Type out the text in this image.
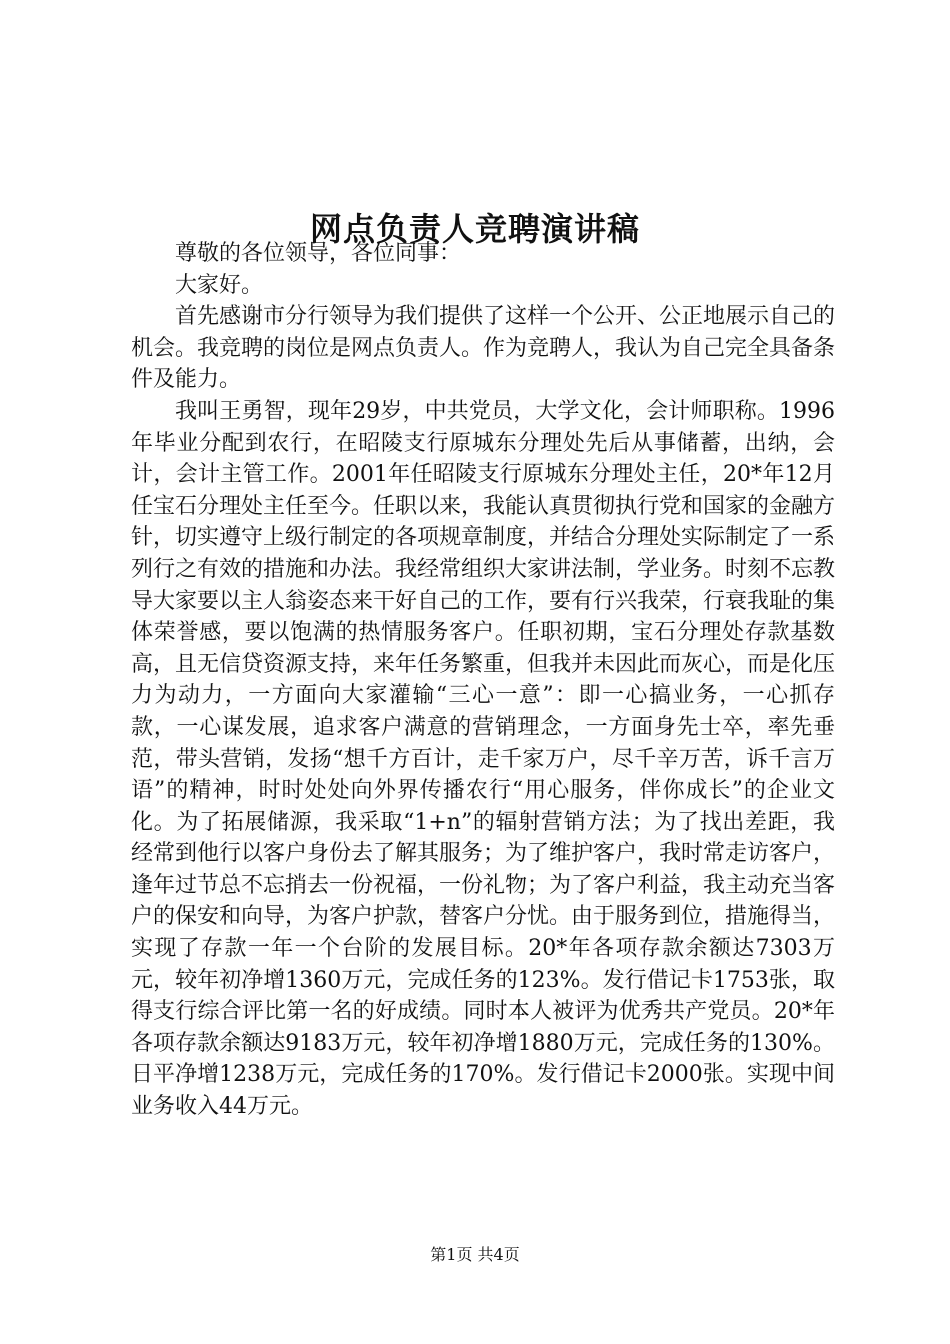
网点负责人竞聘演讲稿

尊敬的各位领导，各位同事：

大家好。

首先感谢市分行领导为我们提供了这样一个公开、公正地展示自己的机会。我竞聘的岗位是网点负责人。作为竞聘人，我认为自己完全具备条件及能力。

我叫王勇智，现年29岁，中共党员，大学文化，会计师职称。1996年毕业分配到农行，在昭陵支行原城东分理处先后从事储蓄，出纳，会计，会计主管工作。2001年任昭陵支行原城东分理处主任，20*年12月任宝石分理处主任至今。任职以来，我能认真贯彻执行党和国家的金融方针，切实遵守上级行制定的各项规章制度，并结合分理处实际制定了一系列行之有效的措施和办法。我经常组织大家讲法制，学业务。时刻不忘教导大家要以主人翁姿态来干好自己的工作，要有行兴我荣，行衰我耻的集体荣誉感，要以饱满的热情服务客户。任职初期，宝石分理处存款基数高，且无信贷资源支持，来年任务繁重，但我并未因此而灰心，而是化压力为动力，一方面向大家灌输“三心一意”：即一心搞业务，一心抓存款，一心谋发展，追求客户满意的营销理念，一方面身先士卒，率先垂范，带头营销，发扬“想千方百计，走千家万户，尽千辛万苦，诉千言万语”的精神，时时处处向外界传播农行“用心服务，伴你成长”的企业文化。为了拓展储源，我采取“1+n”的辐射营销方法；为了找出差距，我经常到他行以客户身份去了解其服务；为了维护客户，我时常走访客户，逢年过节总不忘捎去一份祝福，一份礼物；为了客户利益，我主动充当客户的保安和向导，为客户护款，替客户分忧。由于服务到位，措施得当，实现了存款一年一个台阶的发展目标。20*年各项存款余额达7303万元，较年初净增1360万元，完成任务的123%。发行借记卡1753张，取得支行综合评比第一名的好成绩。同时本人被评为优秀共产党员。20*年各项存款余额达9183万元，较年初净增1880万元，完成任务的130%。日平净增1238万元，完成任务的170%。发行借记卡2000张。实现中间业务收入44万元。

第1页 共4页
